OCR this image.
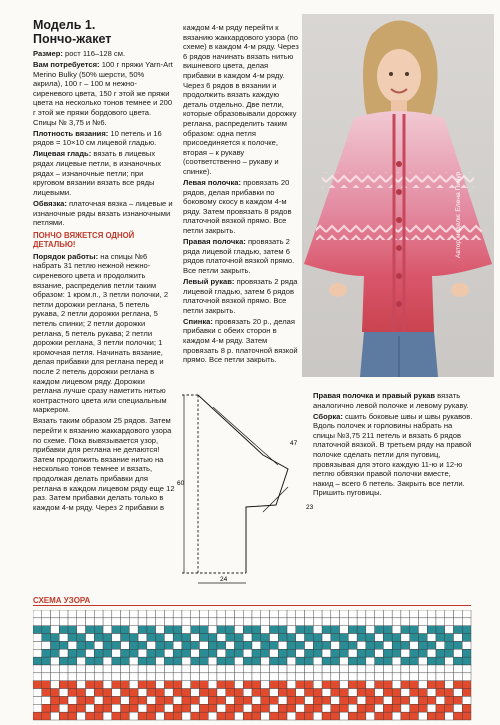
Модель 1.
Пончо-жакет

Размер: рост 116–128 см.

Вам потребуется: 100 г пряжи Yarn-Art Merino Bulky (50% шерсти, 50% акрила), 100 г – 100 м нежно-сиреневого цвета, 150 г этой же пряжи цвета на несколько тонов темнее и 200 г этой же пряжи бордового цвета. Спицы № 3,75 и №6.

Плотность вязания: 10 петель и 16 рядов = 10×10 см лицевой гладью.

Лицевая гладь: вязать в лицевых рядах лицевые петли, в изнаночных рядах – изнаночные петли; при круговом вязании вязать все ряды лицевыми.

Обвязка: платочная вязка – лицевые и изнаночные ряды вязать изнаночными петлями.

ПОНЧО ВЯЖЕТСЯ ОДНОЙ ДЕТАЛЬЮ!

Порядок работы: на спицы №6 набрать 31 петлю нежной нежно-сиреневого цвета и продолжить вязание, распределив петли таким образом: 1 кром.п., 3 петли полочки, 2 петли дорожки реглана, 5 петель рукава, 2 петли дорожки реглана, 5 петель спинки; 2 петли дорожки реглана, 5 петель рукава; 2 петли дорожки реглана, 3 петли полочки; 1 кромочная петля. Начинать вязание, делая прибавки для реглана перед и после 2 петель дорожки реглана в каждом лицевом ряду. Дорожки реглана лучше сразу наметить нитью контрастного цвета или специальным маркером.

Вязать таким образом 25 рядов. Затем перейти к вязанию жаккардового узора по схеме. Пока вывязывается узор, прибавки для реглана не делаются! Затем продолжить вязание нитью на несколько тонов темнее и вязать, продолжая делать прибавки для реглана в каждом лицевом ряду еще 12 раз. Затем прибавки делать только в каждом 4-м ряду. Через 2 прибавки в

каждом 4-м ряду перейти к вязанию жаккардового узора (по схеме) в каждом 4-м ряду. Через 6 рядов начинать вязать нитью вишневого цвета, делая прибавки в каждом 4-м ряду. Через 6 рядов в вязании и продолжить вязать каждую деталь отдельно. Две петли, которые образовывали дорожку реглана, распределить таким образом: одна петля присоединяется к полочке, вторая – к рукаву (соответственно – рукаву и спинке).

Левая полочка: провязать 20 рядов, делая прибавки по боковому скосу в каждом 4-м ряду. Затем провязать 8 рядов платочной вязкой прямо. Все петли закрыть.

Правая полочка: провязать 2 ряда лицевой гладью, затем 6 рядов платочной вязкой прямо. Все петли закрыть.

Левый рукав: провязать 2 ряда лицевой гладью, затем 6 рядов платочной вязкой прямо. Все петли закрыть.

Спинка: провязать 20 р., делая прибавки с обеих сторон в каждом 4-м ряду. Затем провязать 8 р. платочной вязкой прямо. Все петли закрыть.

Автор модели: Елена Пичур
60
24
47
23

Правая полочка и правый рукав вязать аналогично левой полочке и левому рукаву.

Сборка: сшить боковые швы и швы рукавов. Вдоль полочек и горловины набрать на спицы №3,75 211 петель и вязать 6 рядов платочной вязкой. В третьем ряду на правой полочке сделать петли для пуговиц, провязывая для этого каждую 11-ю и 12-ю петлю обвязки правой полочки вместе, накид – всего 6 петель. Закрыть все петли. Пришить пуговицы.

СХЕМА УЗОРА
